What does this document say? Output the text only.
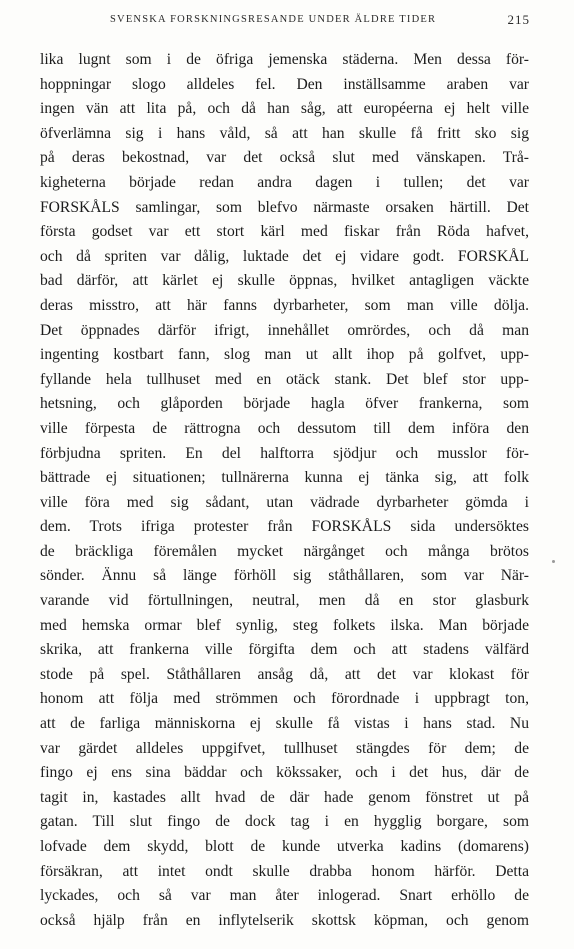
SVENSKA FORSKNINGSRESANDE UNDER ÄLDRE TIDER	215
lika lugnt som i de öfriga jemenska städerna. Men dessa för-
hoppningar slogo alldeles fel. Den inställsamme araben var
ingen vän att lita på, och då han såg, att européerna ej helt ville
öfverlämna sig i hans våld, så att han skulle få fritt sko sig
på deras bekostnad, var det också slut med vänskapen. Trå-
kigheterna började redan andra dagen i tullen; det var
FORSKÅLS samlingar, som blefvo närmaste orsaken härtill. Det
första godset var ett stort kärl med fiskar från Röda hafvet,
och då spriten var dålig, luktade det ej vidare godt. FORSKÅL
bad därför, att kärlet ej skulle öppnas, hvilket antagligen väckte
deras misstro, att här fanns dyrbarheter, som man ville dölja.
Det öppnades därför ifrigt, innehållet omrördes, och då man
ingenting kostbart fann, slog man ut allt ihop på golfvet, upp-
fyllande hela tullhuset med en otäck stank. Det blef stor upp-
hetsning, och glåporden började hagla öfver frankerna, som
ville förpesta de rättrogna och dessutom till dem införa den
förbjudna spriten. En del halftorra sjödjur och musslor för-
bättrade ej situationen; tullnärerna kunna ej tänka sig, att folk
ville föra med sig sådant, utan vädrade dyrbarheter gömda i
dem. Trots ifriga protester från FORSKÅLS sida undersöktes
de bräckliga föremålen mycket närgånget och många brötos
sönder. Ännu så länge förhöll sig ståthållaren, som var När-
varande vid förtullningen, neutral, men då en stor glasburk
med hemska ormar blef synlig, steg folkets ilska. Man började
skrika, att frankerna ville förgifta dem och att stadens välfärd
stode på spel. Ståthållaren ansåg då, att det var klokast för
honom att följa med strömmen och förordnade i uppbragt ton,
att de farliga människorna ej skulle få vistas i hans stad. Nu
var gärdet alldeles uppgifvet, tullhuset stängdes för dem; de
fingo ej ens sina bäddar och kökssaker, och i det hus, där de
tagit in, kastades allt hvad de där hade genom fönstret ut på
gatan. Till slut fingo de dock tag i en hygglig borgare, som
lofvade dem skydd, blott de kunde utverka kadins (domarens)
försäkran, att intet ondt skulle drabba honom härför. Detta
lyckades, och så var man åter inlogerad. Snart erhöllo de
också hjälp från en inflytelserik skottsk köpman, och genom
